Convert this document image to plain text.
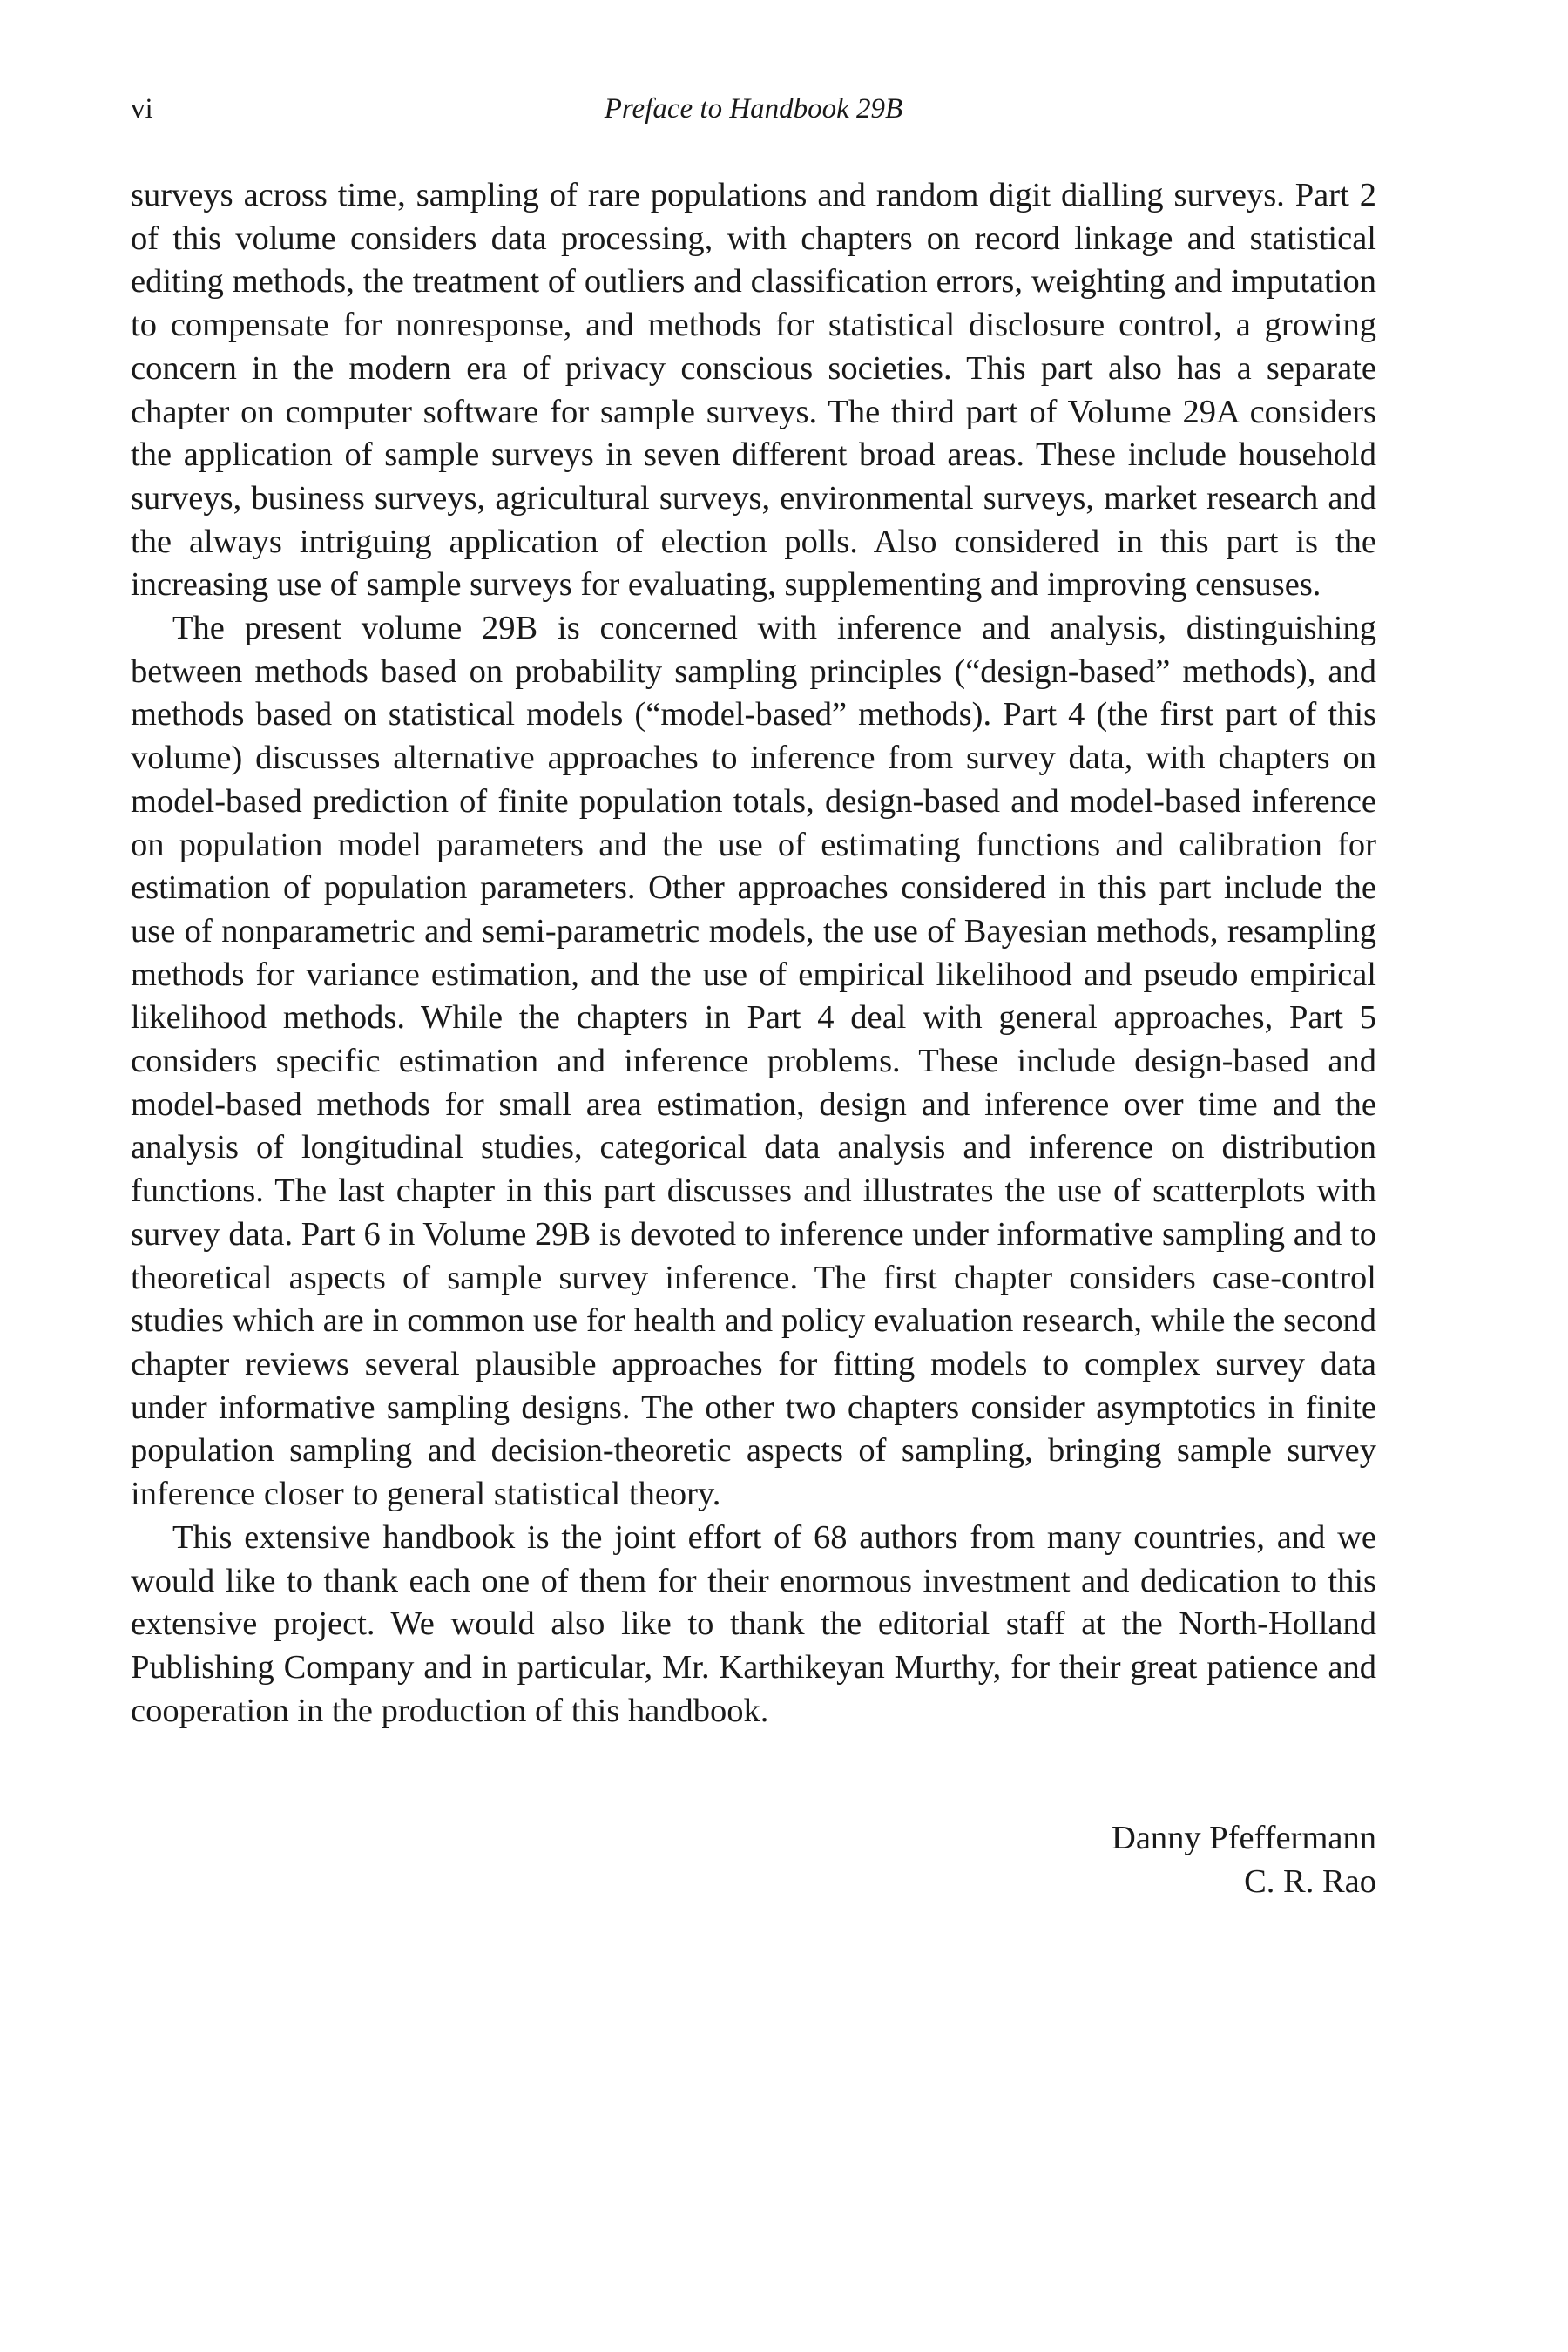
vi	Preface to Handbook 29B

surveys across time, sampling of rare populations and random digit dialling surveys. Part 2 of this volume considers data processing, with chapters on record linkage and statistical editing methods, the treatment of outliers and classification errors, weighting and imputation to compensate for nonresponse, and methods for statistical disclosure control, a growing concern in the modern era of privacy conscious societies. This part also has a separate chapter on computer software for sample surveys. The third part of Volume 29A considers the application of sample surveys in seven different broad areas. These include household surveys, business surveys, agricultural surveys, environmental surveys, market research and the always intriguing application of election polls. Also considered in this part is the increasing use of sample surveys for evaluating, supplementing and improving censuses.

The present volume 29B is concerned with inference and analysis, distinguishing between methods based on probability sampling principles (“design-based” methods), and methods based on statistical models (“model-based” methods). Part 4 (the first part of this volume) discusses alternative approaches to inference from survey data, with chapters on model-based prediction of finite population totals, design-based and model-based inference on population model parameters and the use of estimating functions and calibration for estimation of population parameters. Other approaches considered in this part include the use of nonparametric and semi-parametric models, the use of Bayesian methods, resampling methods for variance estimation, and the use of empirical likelihood and pseudo empirical likelihood methods. While the chapters in Part 4 deal with general approaches, Part 5 considers specific estimation and inference problems. These include design-based and model-based methods for small area estimation, design and inference over time and the analysis of longitudinal studies, categorical data analysis and inference on distribution functions. The last chapter in this part discusses and illustrates the use of scatterplots with survey data. Part 6 in Volume 29B is devoted to inference under informative sampling and to theoretical aspects of sample survey inference. The first chapter considers case-control studies which are in common use for health and policy evaluation research, while the second chapter reviews several plausible approaches for fitting models to complex survey data under informative sampling designs. The other two chapters consider asymptotics in finite population sampling and decision-theoretic aspects of sampling, bringing sample survey inference closer to general statistical theory.

This extensive handbook is the joint effort of 68 authors from many countries, and we would like to thank each one of them for their enormous investment and dedication to this extensive project. We would also like to thank the editorial staff at the North-Holland Publishing Company and in particular, Mr. Karthikeyan Murthy, for their great patience and cooperation in the production of this handbook.

Danny Pfeffermann
C. R. Rao
